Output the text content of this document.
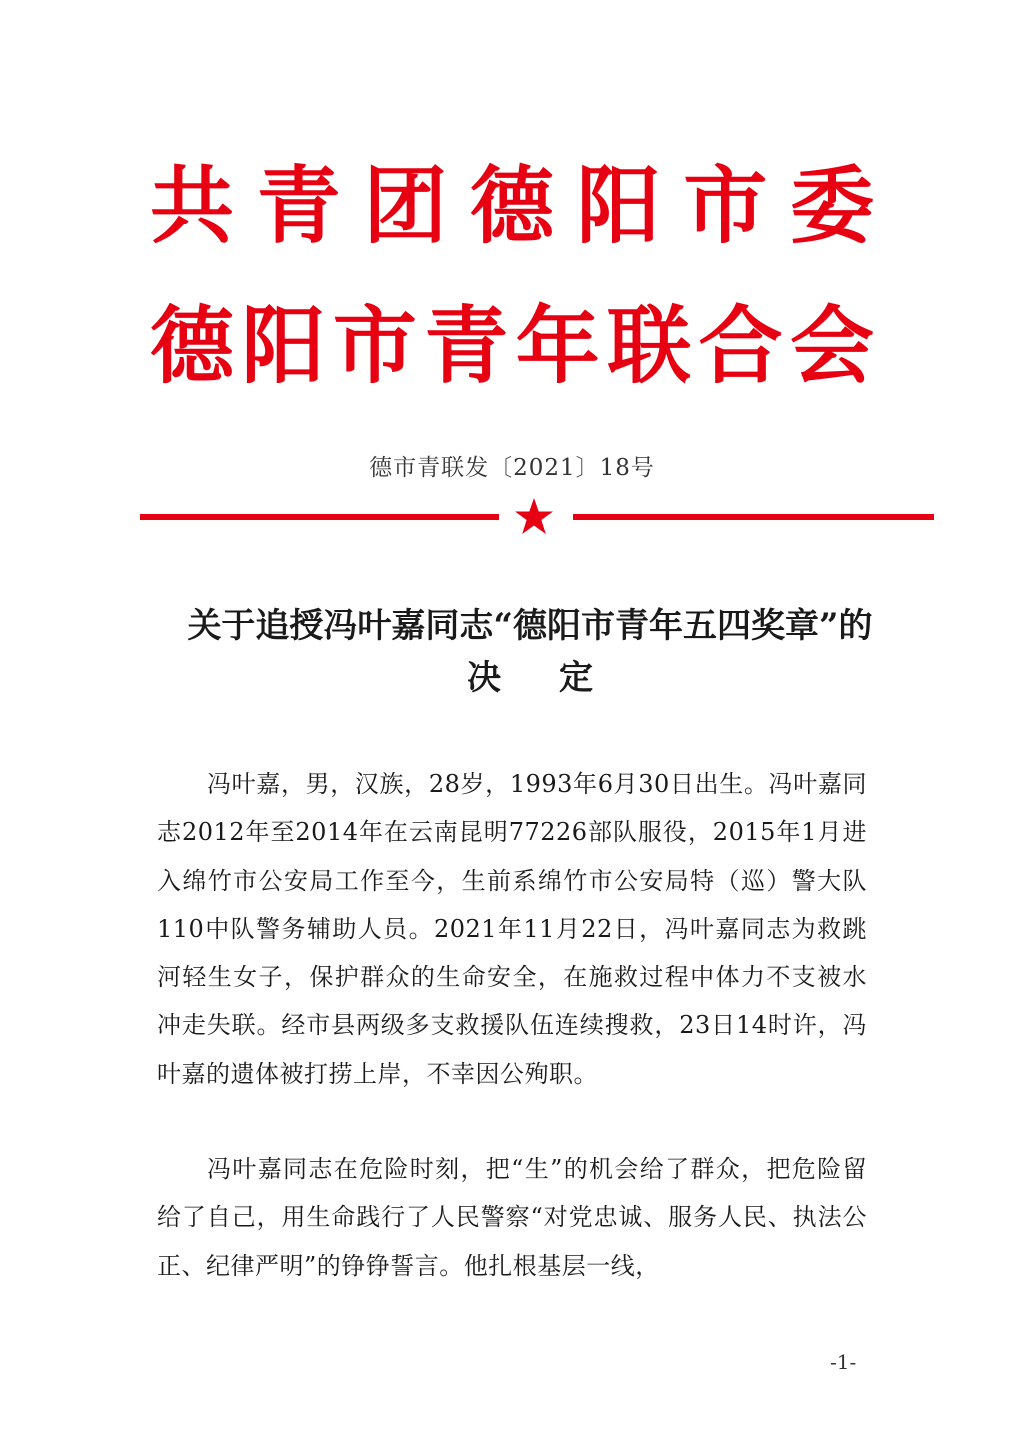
共青团德阳市委
德阳市青年联合会
德市青联发〔2021〕18号
关于追授冯叶嘉同志“德阳市青年五四奖章”的
决定
冯叶嘉，男，汉族，28岁，1993年6月30日出生。冯叶嘉同志2012年至2014年在云南昆明77226部队服役，2015年1月进入绵竹市公安局工作至今，生前系绵竹市公安局特（巡）警大队110中队警务辅助人员。2021年11月22日，冯叶嘉同志为救跳河轻生女子，保护群众的生命安全，在施救过程中体力不支被水冲走失联。经市县两级多支救援队伍连续搜救，23日14时许，冯叶嘉的遗体被打捞上岸，不幸因公殉职。
冯叶嘉同志在危险时刻，把“生”的机会给了群众，把危险留给了自己，用生命践行了人民警察“对党忠诚、服务人民、执法公正、纪律严明”的铮铮誓言。他扎根基层一线，
-1-
